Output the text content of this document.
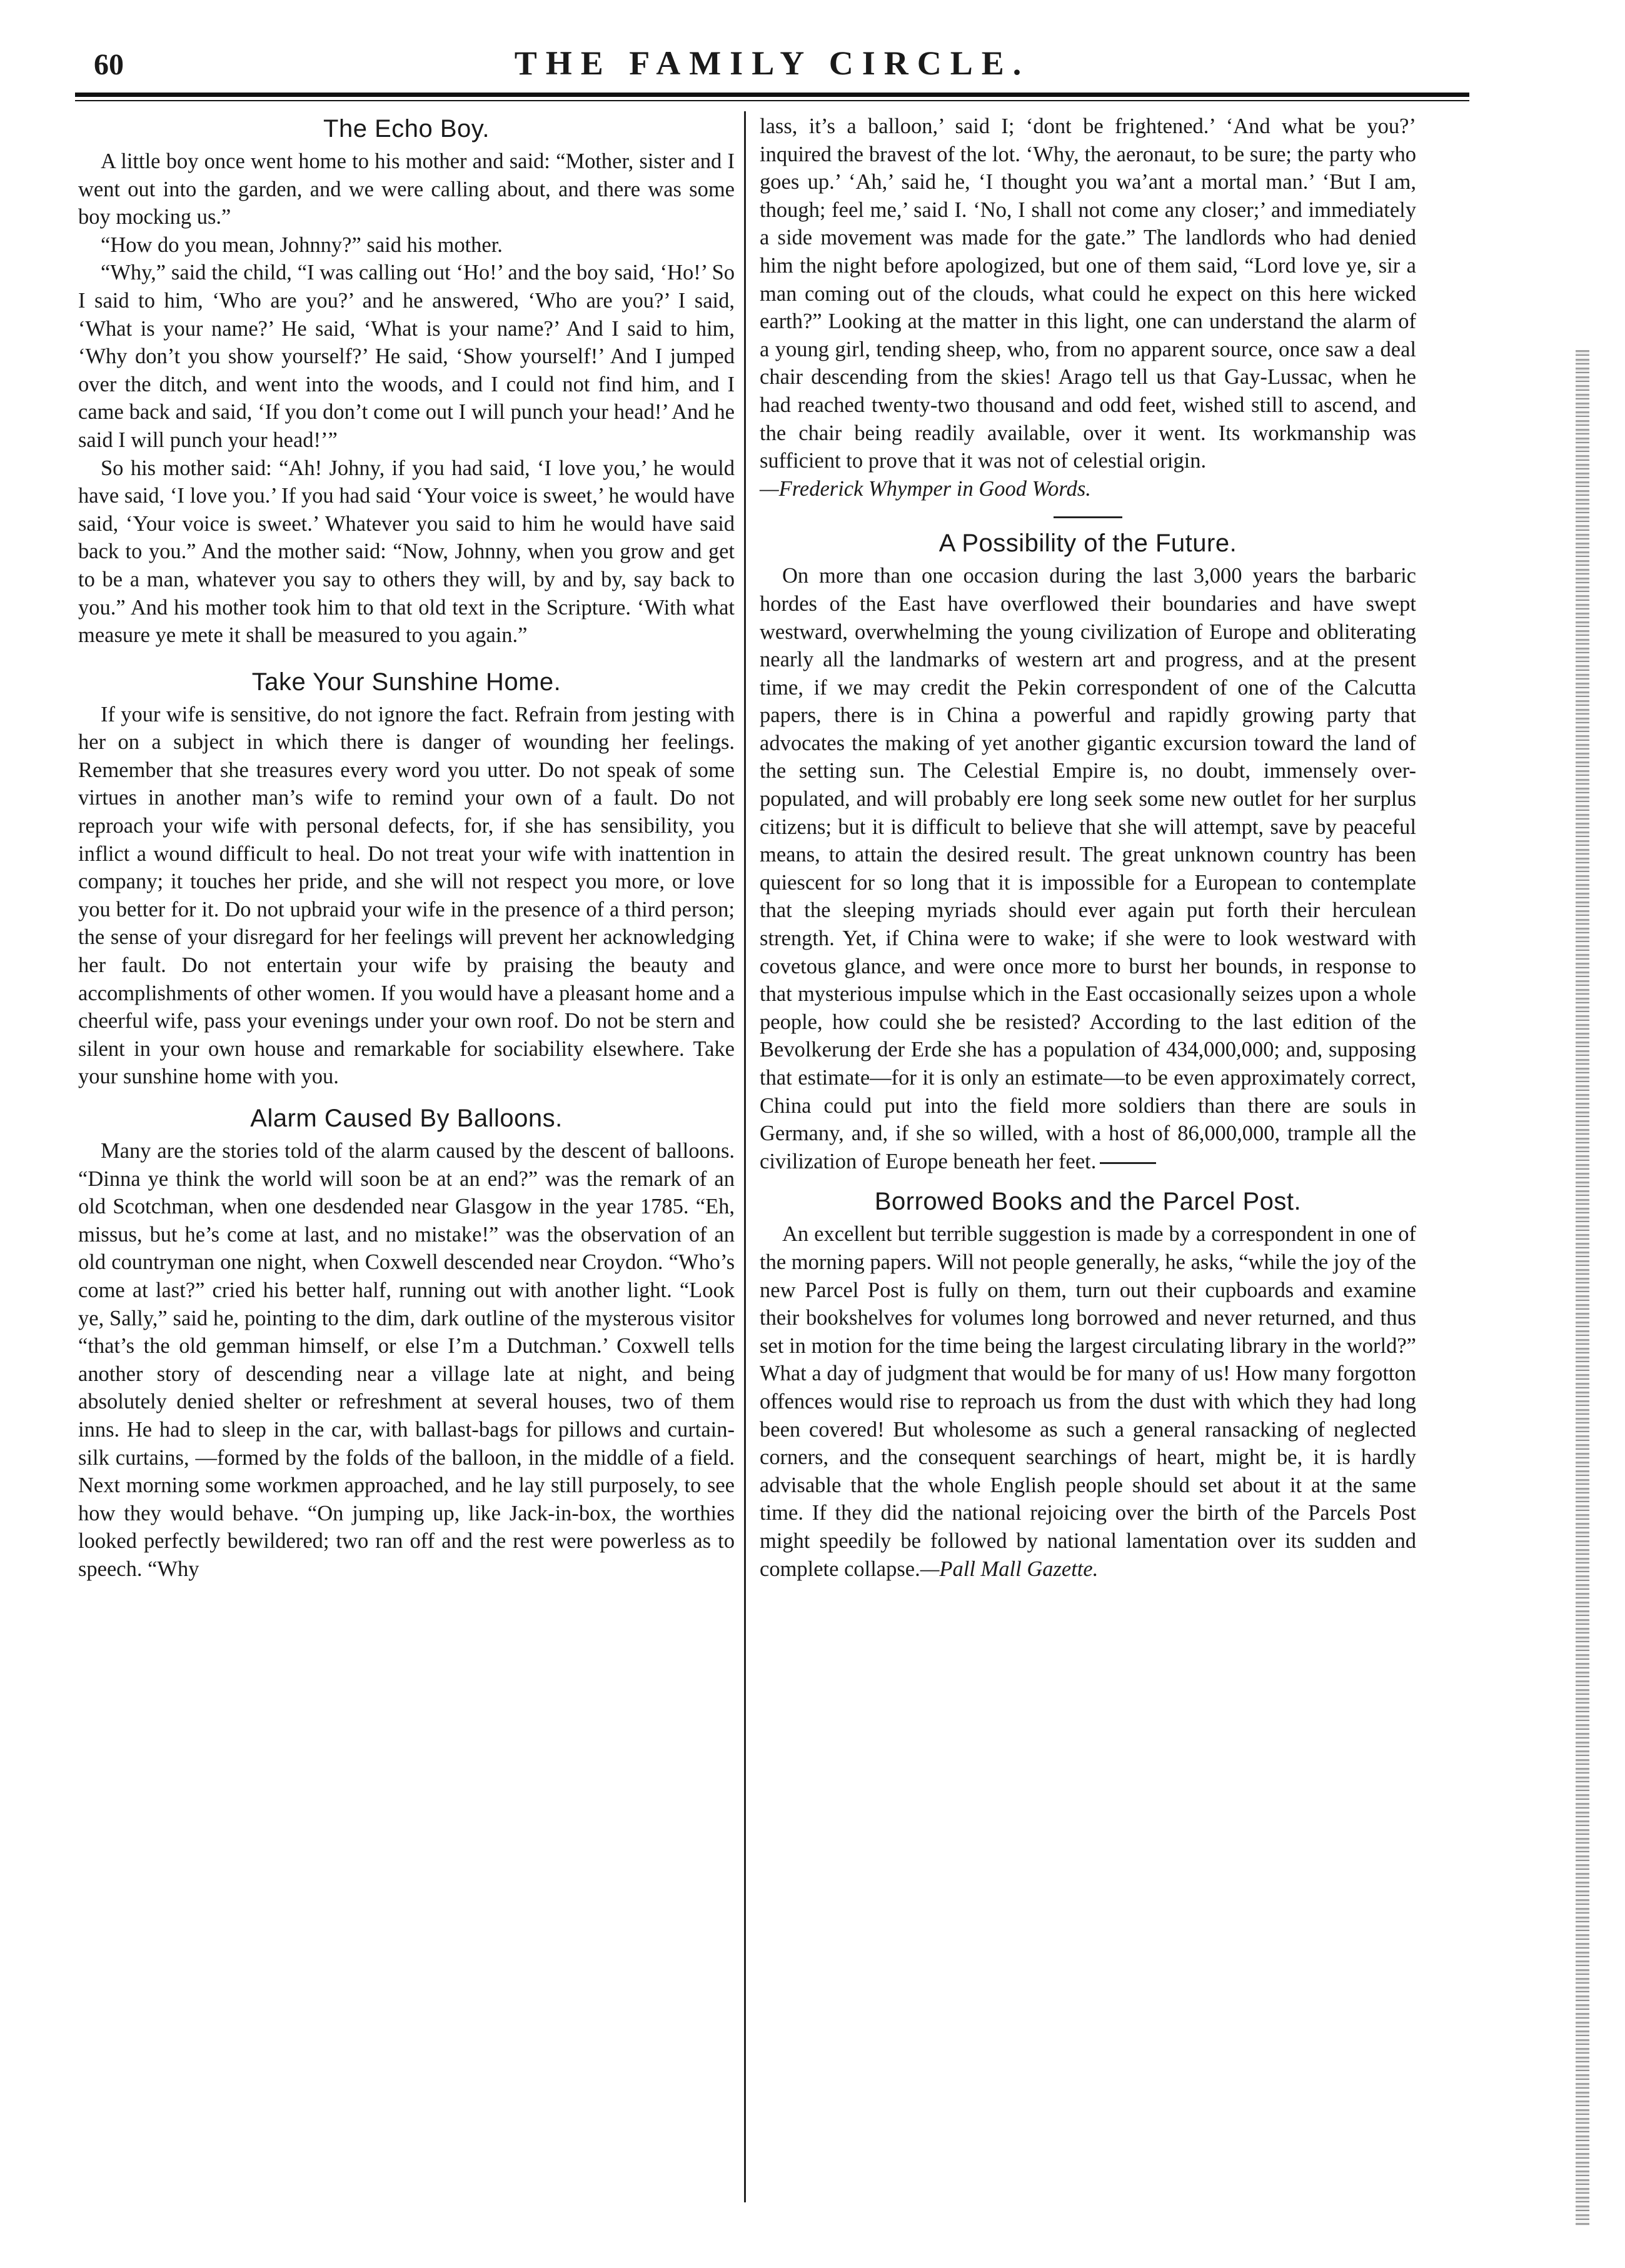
60	THE FAMILY CIRCLE.
The Echo Boy.

A little boy once went home to his mother and said: “Mother, sister and I went out into the garden, and we were calling about, and there was some boy mocking us.”

“How do you mean, Johnny?” said his mother.

“Why,” said the child, “I was calling out ‘Ho!’ and the boy said, ‘Ho!’ So I said to him, ‘Who are you?’ and he answered, ‘Who are you?’ I said, ‘What is your name?’ He said, ‘What is your name?’ And I said to him, ‘Why don’t you show yourself?’ He said, ‘Show yourself!’ And I jumped over the ditch, and went into the woods, and I could not find him, and I came back and said, ‘If you don’t come out I will punch your head!’ And he said I will punch your head!’”

So his mother said: “Ah! Johny, if you had said, ‘I love you,’ he would have said, ‘I love you.’ If you had said ‘Your voice is sweet,’ he would have said, ‘Your voice is sweet.’ Whatever you said to him he would have said back to you.” And the mother said: “Now, Johnny, when you grow and get to be a man, whatever you say to others they will, by and by, say back to you.” And his mother took him to that old text in the Scripture. ‘With what measure ye mete it shall be measured to you again.”

Take Your Sunshine Home.

If your wife is sensitive, do not ignore the fact. Refrain from jesting with her on a subject in which there is danger of wounding her feelings. Remember that she treasures every word you utter. Do not speak of some virtues in another man’s wife to remind your own of a fault. Do not reproach your wife with personal defects, for, if she has sensibility, you inflict a wound difficult to heal. Do not treat your wife with inattention in company; it touches her pride, and she will not respect you more, or love you better for it. Do not upbraid your wife in the presence of a third person; the sense of your disregard for her feelings will prevent her acknowledging her fault. Do not entertain your wife by praising the beauty and accomplishments of other women. If you would have a pleasant home and a cheerful wife, pass your evenings under your own roof. Do not be stern and silent in your own house and remarkable for sociability elsewhere. Take your sunshine home with you.

Alarm Caused By Balloons.

Many are the stories told of the alarm caused by the descent of balloons. “Dinna ye think the world will soon be at an end?” was the remark of an old Scotchman, when one desdended near Glasgow in the year 1785. “Eh, missus, but he’s come at last, and no mistake!” was the observation of an old countryman one night, when Coxwell descended near Croydon. “Who’s come at last?” cried his better half, running out with another light. “Look ye, Sally,” said he, pointing to the dim, dark outline of the mysterous visitor “that’s the old gemman himself, or else I’m a Dutchman.’ Coxwell tells another story of descending near a village late at night, and being absolutely denied shelter or refreshment at several houses, two of them inns. He had to sleep in the car, with ballast-bags for pillows and curtain-silk curtains, —formed by the folds of the balloon, in the middle of a field. Next morning some workmen approached, and he lay still purposely, to see how they would behave. “On jumping up, like Jack-in-box, the worthies looked perfectly bewildered; two ran off and the rest were powerless as to speech. “Why

lass, it’s a balloon,’ said I; ‘dont be frightened.’ ‘And what be you?’ inquired the bravest of the lot. ‘Why, the aeronaut, to be sure; the party who goes up.’ ‘Ah,’ said he, ‘I thought you wa’ant a mortal man.’ ‘But I am, though; feel me,’ said I. ‘No, I shall not come any closer;’ and immediately a side movement was made for the gate.” The landlords who had denied him the night before apologized, but one of them said, “Lord love ye, sir a man coming out of the clouds, what could he expect on this here wicked earth?” Looking at the matter in this light, one can understand the alarm of a young girl, tending sheep, who, from no apparent source, once saw a deal chair descending from the skies! Arago tell us that Gay-Lussac, when he had reached twenty-two thousand and odd feet, wished still to ascend, and the chair being readily available, over it went. Its workmanship was sufficient to prove that it was not of celestial origin.

—Frederick Whymper in Good Words.

A Possibility of the Future.

On more than one occasion during the last 3,000 years the barbaric hordes of the East have overflowed their boundaries and have swept westward, overwhelming the young civilization of Europe and obliterating nearly all the landmarks of western art and progress, and at the present time, if we may credit the Pekin correspondent of one of the Calcutta papers, there is in China a powerful and rapidly growing party that advocates the making of yet another gigantic excursion toward the land of the setting sun. The Celestial Empire is, no doubt, immensely over-populated, and will probably ere long seek some new outlet for her surplus citizens; but it is difficult to believe that she will attempt, save by peaceful means, to attain the desired result. The great unknown country has been quiescent for so long that it is impossible for a European to contemplate that the sleeping myriads should ever again put forth their herculean strength. Yet, if China were to wake; if she were to look westward with covetous glance, and were once more to burst her bounds, in response to that mysterious impulse which in the East occasionally seizes upon a whole people, how could she be resisted? According to the last edition of the Bevolkerung der Erde she has a population of 434,000,000; and, supposing that estimate—for it is only an estimate—to be even approximately correct, China could put into the field more soldiers than there are souls in Germany, and, if she so willed, with a host of 86,000,000, trample all the civilization of Europe beneath her feet.

Borrowed Books and the Parcel Post.

An excellent but terrible suggestion is made by a correspondent in one of the morning papers. Will not people generally, he asks, “while the joy of the new Parcel Post is fully on them, turn out their cupboards and examine their bookshelves for volumes long borrowed and never returned, and thus set in motion for the time being the largest circulating library in the world?” What a day of judgment that would be for many of us! How many forgotton offences would rise to reproach us from the dust with which they had long been covered! But wholesome as such a general ransacking of neglected corners, and the consequent searchings of heart, might be, it is hardly advisable that the whole English people should set about it at the same time. If they did the national rejoicing over the birth of the Parcels Post might speedily be followed by national lamentation over its sudden and complete collapse.—Pall Mall Gazette.
